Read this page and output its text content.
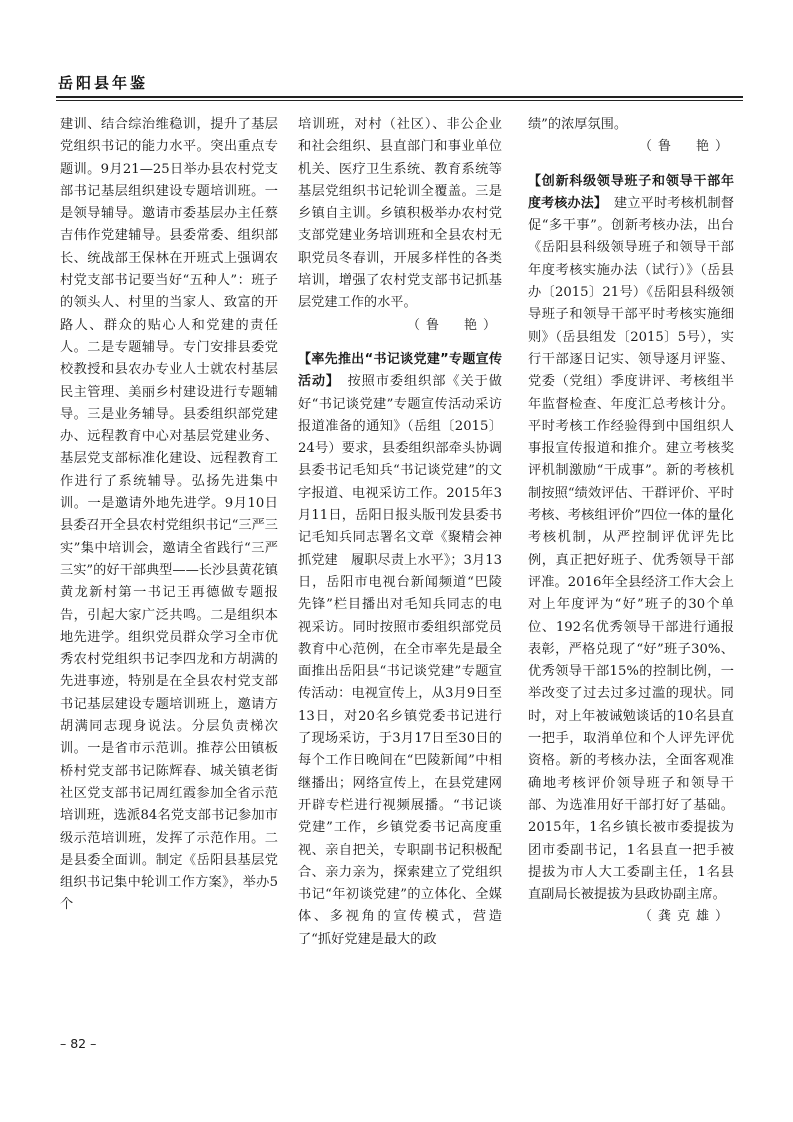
岳阳县年鉴

建训、结合综治维稳训，提升了基层党组织书记的能力水平。突出重点专题训。9月21—25日举办县农村党支部书记基层组织建设专题培训班。一是领导辅导。邀请市委基层办主任蔡吉伟作党建辅导。县委常委、组织部长、统战部王保林在开班式上强调农村党支部书记要当好“五种人”：班子的领头人、村里的当家人、致富的开路人、群众的贴心人和党建的责任人。二是专题辅导。专门安排县委党校教授和县农办专业人士就农村基层民主管理、美丽乡村建设进行专题辅导。三是业务辅导。县委组织部党建办、远程教育中心对基层党建业务、基层党支部标准化建设、远程教育工作进行了系统辅导。弘扬先进集中训。一是邀请外地先进学。9月10日县委召开全县农村党组织书记“三严三实”集中培训会，邀请全省践行“三严三实”的好干部典型——长沙县黄花镇黄龙新村第一书记王再德做专题报告，引起大家广泛共鸣。二是组织本地先进学。组织党员群众学习全市优秀农村党组织书记李四龙和方胡满的先进事迹，特别是在全县农村党支部书记基层建设专题培训班上，邀请方胡满同志现身说法。分层负责梯次训。一是省市示范训。推荐公田镇板桥村党支部书记陈辉春、城关镇老街社区党支部书记周红霞参加全省示范培训班，选派84名党支部书记参加市级示范培训班，发挥了示范作用。二是县委全面训。制定《岳阳县基层党组织书记集中轮训工作方案》，举办5个

培训班，对村（社区）、非公企业和社会组织、县直部门和事业单位机关、医疗卫生系统、教育系统等基层党组织书记轮训全覆盖。三是乡镇自主训。乡镇积极举办农村党支部党建业务培训班和全县农村无职党员冬春训，开展多样性的各类培训，增强了农村党支部书记抓基层党建工作的水平。

（鲁　艳）

【率先推出“书记谈党建”专题宣传活动】　 按照市委组织部《关于做好“书记谈党建”专题宣传活动采访报道准备的通知》（岳组〔2015〕24号）要求，县委组织部牵头协调县委书记毛知兵“书记谈党建”的文字报道、电视采访工作。2015年3月11日，岳阳日报头版刊发县委书记毛知兵同志署名文章《聚精会神抓党建　履职尽责上水平》；3月13日，岳阳市电视台新闻频道“巴陵先锋”栏目播出对毛知兵同志的电视采访。同时按照市委组织部党员教育中心范例，在全市率先是最全面推出岳阳县“书记谈党建”专题宣传活动：电视宣传上，从3月9日至13日，对20名乡镇党委书记进行了现场采访，于3月17日至30日的每个工作日晚间在“巴陵新闻”中相继播出；网络宣传上，在县党建网开辟专栏进行视频展播。“书记谈党建”工作，乡镇党委书记高度重视、亲自把关，专职副书记积极配合、亲力亲为，探索建立了党组织书记“年初谈党建”的立体化、全媒体、多视角的宣传模式，营造了“抓好党建是最大的政

绩”的浓厚氛围。

（鲁　艳）

【创新科级领导班子和领导干部年度考核办法】　 建立平时考核机制督促“多干事”。创新考核办法，出台《岳阳县科级领导班子和领导干部年度考核实施办法（试行）》（岳县办〔2015〕21号）《岳阳县科级领导班子和领导干部平时考核实施细则》（岳县组发〔2015〕5号），实行干部逐日记实、领导逐月评鉴、党委（党组）季度讲评、考核组半年监督检查、年度汇总考核计分。平时考核工作经验得到中国组织人事报宣传报道和推介。建立考核奖评机制激励“干成事”。新的考核机制按照“绩效评估、干群评价、平时考核、考核组评价”四位一体的量化考核机制，从严控制评优评先比例，真正把好班子、优秀领导干部评准。2016年全县经济工作大会上对上年度评为“好”班子的30个单位、192名优秀领导干部进行通报表彰，严格兑现了“好”班子30%、优秀领导干部15%的控制比例，一举改变了过去过多过滥的现状。同时，对上年被诫勉谈话的10名县直一把手，取消单位和个人评先评优资格。新的考核办法，全面客观准确地考核评价领导班子和领导干部、为选准用好干部打好了基础。2015年，1名乡镇长被市委提拔为团市委副书记，1名县直一把手被提拔为市人大工委副主任，1名县直副局长被提拔为县政协副主席。

（龚克雄）
– 82 –
